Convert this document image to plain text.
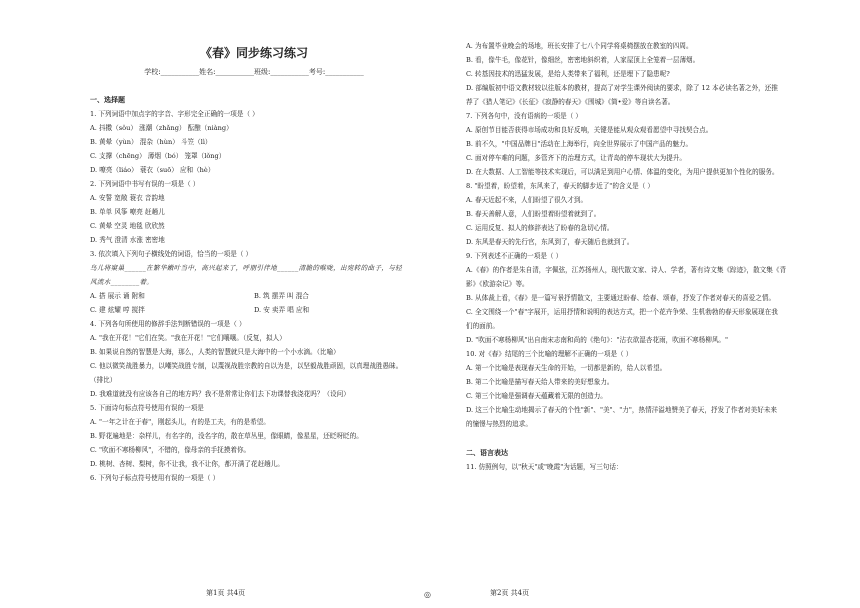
《春》同步练习练习
学校:___________姓名:___________班级:___________考号:___________
一、选择题
1. 下列词语中加点字的字音、字形完全正确的一项是（ ）
A. 抖擞（sǒu） 涨潮（zhǎng） 酝酿（niàng）
B. 黄晕（yùn） 混杂（hùn） 斗笠（lì）
C. 支撑（chēng） 薄烟（bó） 笼罩（lǒng）
D. 嘹亮（liáo） 蓑衣（suō） 应和（hè）
2. 下列词语中书写有误的一项是（ ）
A. 安誓 宽敞 蓑衣 音韵地
B. 单单 风筝 嘹亮 赶趟儿
C. 黄晕 空灵 地毯 欣欣然
D. 秀气 澄清 水涨 密密地
3. 依次填入下列句子横线处的词语，恰当的一项是（ ）
鸟儿将窠巢______在繁华嫩叶当中，高兴起来了，呼朋引伴地______清脆的喉咙，出宛转的曲子，与轻
风流水________着。
A. 搭 展示 诵 附和	B. 筑 摆弄 叫 混合
C. 建 炫耀 哼 搅拌	D. 安 卖弄 唱 应和
4. 下列各句所使用的修辞手法判断错误的一项是（ ）
A. "我在开花！"它们在笑。"我在开花！"它们嚷嚷。（反复，拟人）
B. 如果说自然的智慧是大海，那么，人类的智慧就只是大海中的一个小水滴。（比喻）
C. 他以微笑战胜暴力，以嘲笑战胜专制，以蔑视战胜宗教的自以为是，以坚毅战胜顽固，以真理战胜愚昧。
（排比）
D. 我难道就没有应该各自己的地方吗？我不是常常让你们去下功课替我浇花吗？（设问）
5. 下面诗句标点符号使用有误的一项是
A. "一年之计在于春"，刚起头儿，有的是工夫，有的是希望。
B. 野花遍地是：杂样儿，有名字的，没名字的，散在草丛里，像眼睛，像星星，还眨呀眨的。
C. "吹面不寒杨柳风"，不错的，像母亲的手抚摸着你。
D. 桃树、杏树、梨树，你不让我，我不让你，都开满了花赶趟儿。
6. 下列句子标点符号使用有误的一项是（ ）
A. 为布置毕业晚会的场地，班长安排了七八个同学将桌椅摆放在教室的四周。
B. 看，像牛毛，像花针，像细丝，密密地斜织着，人家屋顶上全笼着一层薄烟。
C. 转基因技术的迅猛发展，是给人类带来了福利，还是埋下了隐患呢?
D. 部编版初中语文教材较以往版本的教材，提高了对学生课外阅读的要求，除了 12 本必读名著之外，还推
荐了《猎人笔记》《长征》《寂静的春天》《围城》《简•爱》等自读名著。
7. 下列各句中，没有语病的一项是（ ）
A. 原创节目能否获得市场成功和良好反响，关键是能从观众观看愿望中寻找契合点。
B. 前不久，"中国品牌日"活动在上海举行，向全世界展示了中国产品的魅力。
C. 面对停车难的问题，多管齐下的治理方式，让青岛的停车现状大为提升。
D. 在大数据、人工智能等技术实现后，可以满足到用户心情、体温的变化，为用户提供更加个性化的服务。
8. "盼望着，盼望着，东风来了，春天的脚步近了"的含义是（ ）
A. 春天近起不来，人们盼望了很久才到。
B. 春天善解人意，人们盼望着盼望着就到了。
C. 运用反复、拟人的修辞表达了盼春的急切心情。
D. 东风是春天的先行官，东风到了，春天随后也就到了。
9. 下列表述不正确的一项是（ ）
A.《春》的作者是朱自清，字佩弦，江苏扬州人，现代散文家、诗人、学者，著有诗文集《踪迹》，散文集《背
影》《欧游杂记》等。
B. 从体裁上看，《春》是一篇写景抒情散文，主要通过盼春、绘春、颂春，抒发了作者对春天的喜爱之情。
C. 全文围绕一个"春"字展开，运用抒情和说明的表达方式，把一个花卉争荣、生机勃勃的春天形象展现在我
们的面前。
D. "吹面不寒杨柳风"出自南宋志南和尚的《绝句》："沾衣欲湿杏花雨，吹面不寒杨柳风。"
10. 对《春》结尾的三个比喻的理解不正确的一项是（ ）
A. 第一个比喻是表现春天生命的开始，一切都是新的，给人以希望。
B. 第二个比喻是描写春天给人带来的美好想象力。
C. 第三个比喻是强调春天蕴藏着无限的创造力。
D. 这三个比喻生动地揭示了春天的个性"新"、"美"、"力"，热情洋溢地赞美了春天，抒发了作者对美好未来
的憧憬与热烈的追求。
二、语言表达
11. 仿照例句，以"秋天"或"晚霞"为话题，写三句话：
第1页 共4页	◎	第2页 共4页
